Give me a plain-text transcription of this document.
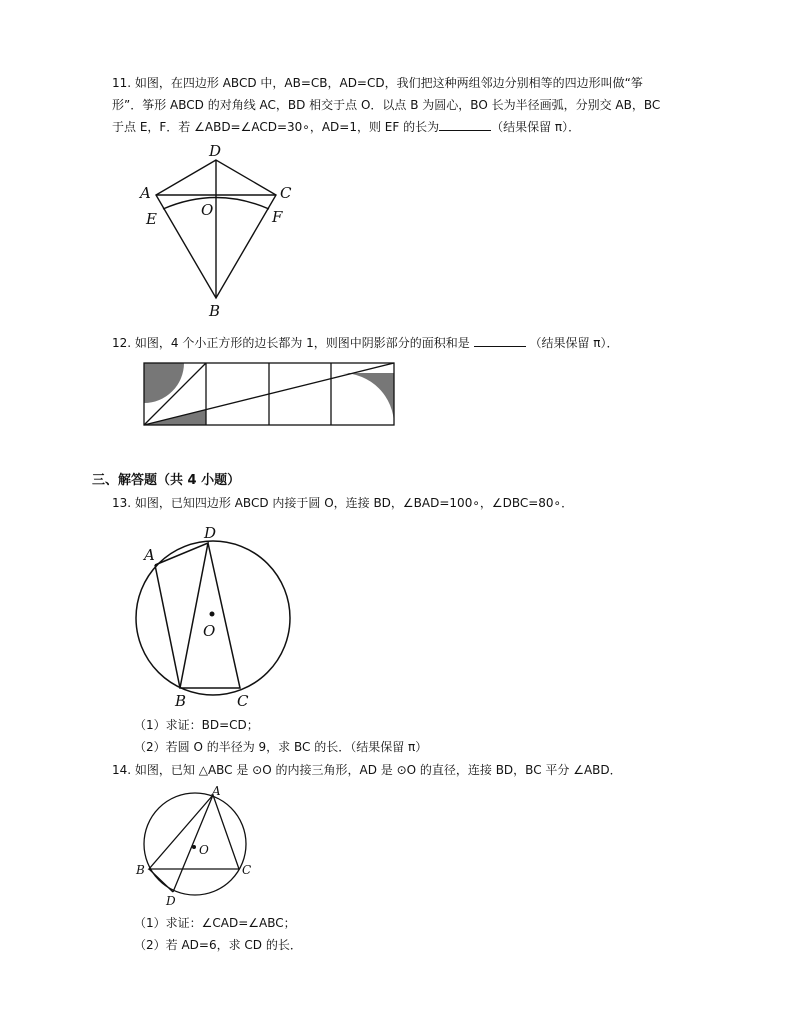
11. 如图，在四边形 ABCD 中，AB=CB，AD=CD，我们把这种两组邻边分别相等的四边形叫做“筝
形”．筝形 ABCD 的对角线 AC，BD 相交于点 O．以点 B 为圆心，BO 长为半径画弧，分别交 AB，BC
于点 E，F．若 ∠ABD=∠ACD=30∘，AD=1，则 EF 的长为	（结果保留 π）．
D
A	C
E	O	F
B
12. 如图，4 个小正方形的边长都为 1，则图中阴影部分的面积和是	（结果保留 π）．
三、解答题（共 4 小题）
13. 如图，已知四边形 ABCD 内接于圆 O，连接 BD，∠BAD=100∘，∠DBC=80∘．
A
D
O
B	C
（1）求证：BD=CD；
（2）若圆 O 的半径为 9，求 BC 的长．（结果保留 π）
14. 如图，已知 △ABC 是 ⊙O 的内接三角形，AD 是 ⊙O 的直径，连接 BD，BC 平分 ∠ABD．
A
O
B	C
D
（1）求证：∠CAD=∠ABC；
（2）若 AD=6，求 CD 的长．
